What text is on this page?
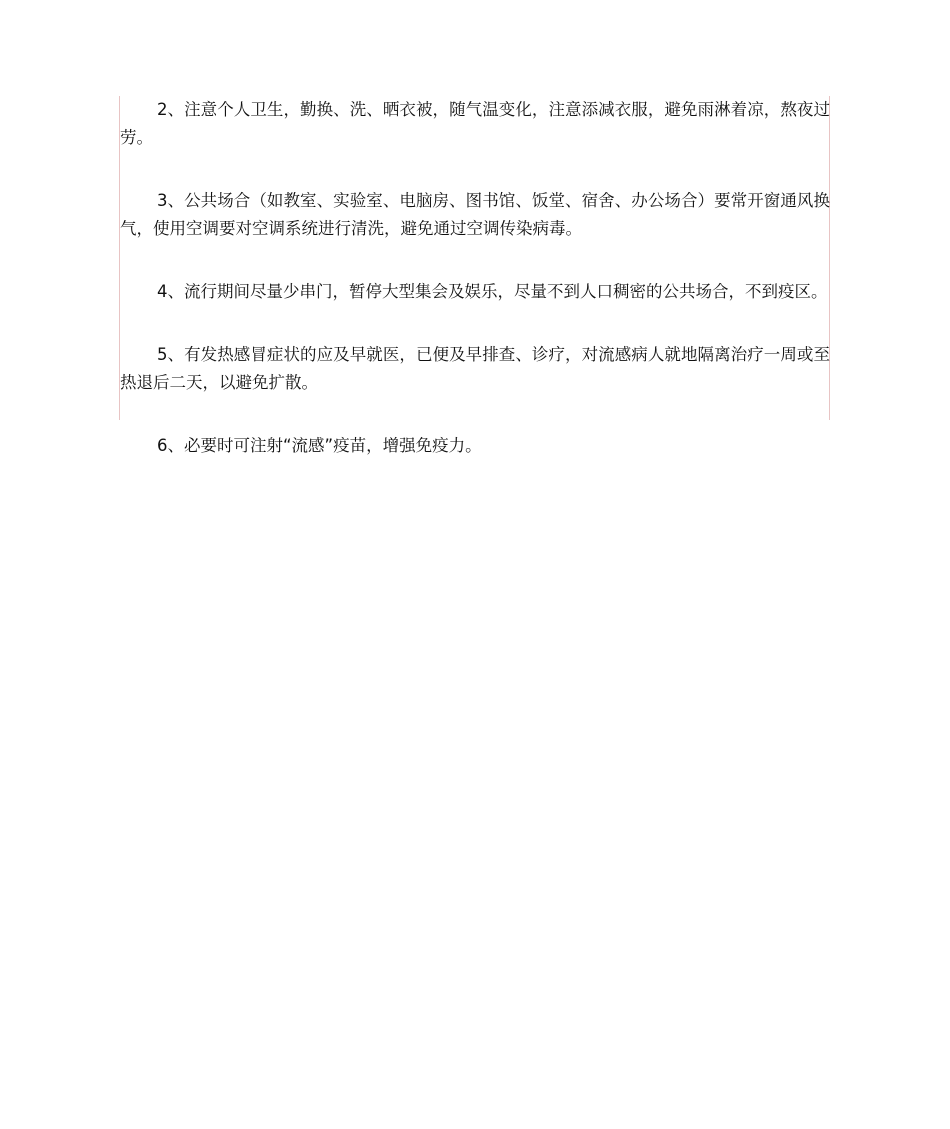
2、注意个人卫生，勤换、洗、晒衣被，随气温变化，注意添减衣服，避免雨淋着凉，熬夜过劳。

3、公共场合（如教室、实验室、电脑房、图书馆、饭堂、宿舍、办公场合）要常开窗通风换气，使用空调要对空调系统进行清洗，避免通过空调传染病毒。

4、流行期间尽量少串门，暂停大型集会及娱乐，尽量不到人口稠密的公共场合，不到疫区。

5、有发热感冒症状的应及早就医，已便及早排查、诊疗，对流感病人就地隔离治疗一周或至热退后二天，以避免扩散。

6、必要时可注射“流感”疫苗，增强免疫力。
